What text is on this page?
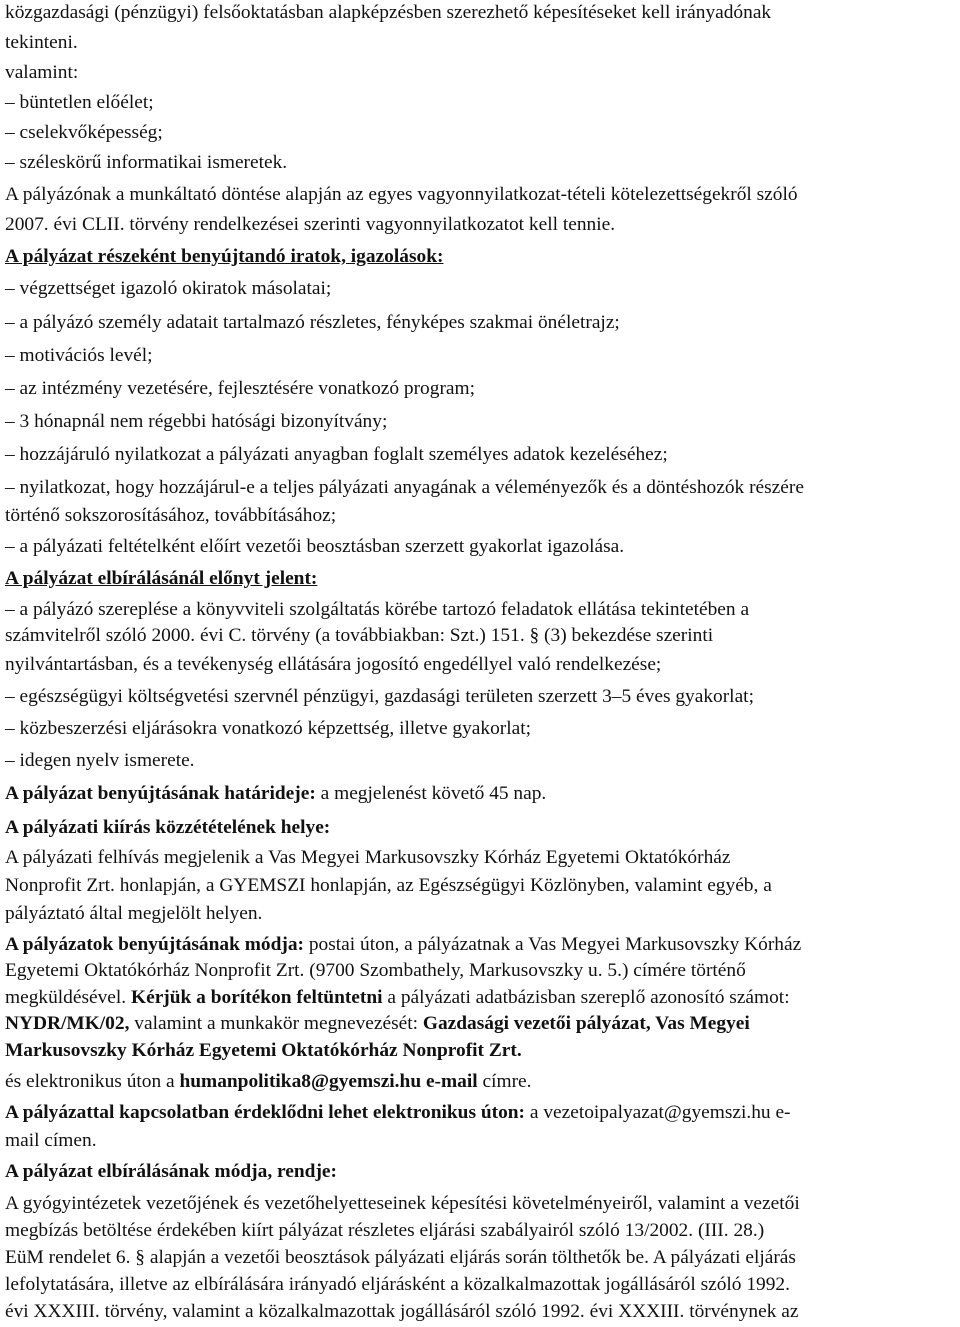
közgazdasági (pénzügyi) felsőoktatásban alapképzésben szerezhető képesítéseket kell irányadónak
tekinteni.
valamint:
– büntetlen előélet;
– cselekvőképesség;
– széleskörű informatikai ismeretek.
A pályázónak a munkáltató döntése alapján az egyes vagyonnyilatkozat-tételi kötelezettségekről szóló
2007. évi CLII. törvény rendelkezései szerinti vagyonnyilatkozatot kell tennie.
A pályázat részeként benyújtandó iratok, igazolások:
– végzettséget igazoló okiratok másolatai;
– a pályázó személy adatait tartalmazó részletes, fényképes szakmai önéletrajz;
– motivációs levél;
– az intézmény vezetésére, fejlesztésére vonatkozó program;
– 3 hónapnál nem régebbi hatósági bizonyítvány;
– hozzájáruló nyilatkozat a pályázati anyagban foglalt személyes adatok kezeléséhez;
– nyilatkozat, hogy hozzájárul-e a teljes pályázati anyagának a véleményezők és a döntéshozók részére
történő sokszorosításához, továbbításához;
– a pályázati feltételként előírt vezetői beosztásban szerzett gyakorlat igazolása.
A pályázat elbírálásánál előnyt jelent:
– a pályázó szereplése a könyvviteli szolgáltatás körébe tartozó feladatok ellátása tekintetében a
számvitelről szóló 2000. évi C. törvény (a továbbiakban: Szt.) 151. § (3) bekezdése szerinti
nyilvántartásban, és a tevékenység ellátására jogosító engedéllyel való rendelkezése;
– egészségügyi költségvetési szervnél pénzügyi, gazdasági területen szerzett 3–5 éves gyakorlat;
– közbeszerzési eljárásokra vonatkozó képzettség, illetve gyakorlat;
– idegen nyelv ismerete.
A pályázat benyújtásának határideje: a megjelenést követő 45 nap.
A pályázati kiírás közzétételének helye:
A pályázati felhívás megjelenik a Vas Megyei Markusovszky Kórház Egyetemi Oktatókórház
Nonprofit Zrt. honlapján, a GYEMSZI honlapján, az Egészségügyi Közlönyben, valamint egyéb, a
pályáztató által megjelölt helyen.
A pályázatok benyújtásának módja: postai úton, a pályázatnak a Vas Megyei Markusovszky Kórház
Egyetemi Oktatókórház Nonprofit Zrt. (9700 Szombathely, Markusovszky u. 5.) címére történő
megküldésével. Kérjük a borítékon feltüntetni a pályázati adatbázisban szereplő azonosító számot:
NYDR/MK/02, valamint a munkakör megnevezését: Gazdasági vezetői pályázat, Vas Megyei
Markusovszky Kórház Egyetemi Oktatókórház Nonprofit Zrt.
és elektronikus úton a humanpolitika8@gyemszi.hu e-mail címre.
A pályázattal kapcsolatban érdeklődni lehet elektronikus úton: a vezetoipalyazat@gyemszi.hu e-
mail címen.
A pályázat elbírálásának módja, rendje:
A gyógyintézetek vezetőjének és vezetőhelyetteseinek képesítési követelményeiről, valamint a vezetői
megbízás betöltése érdekében kiírt pályázat részletes eljárási szabályairól szóló 13/2002. (III. 28.)
EüM rendelet 6. § alapján a vezetői beosztások pályázati eljárás során tölthetők be. A pályázati eljárás
lefolytatására, illetve az elbírálására irányadó eljárásként a közalkalmazottak jogállásáról szóló 1992.
évi XXXIII. törvény, valamint a közalkalmazottak jogállásáról szóló 1992. évi XXXIII. törvénynek az
